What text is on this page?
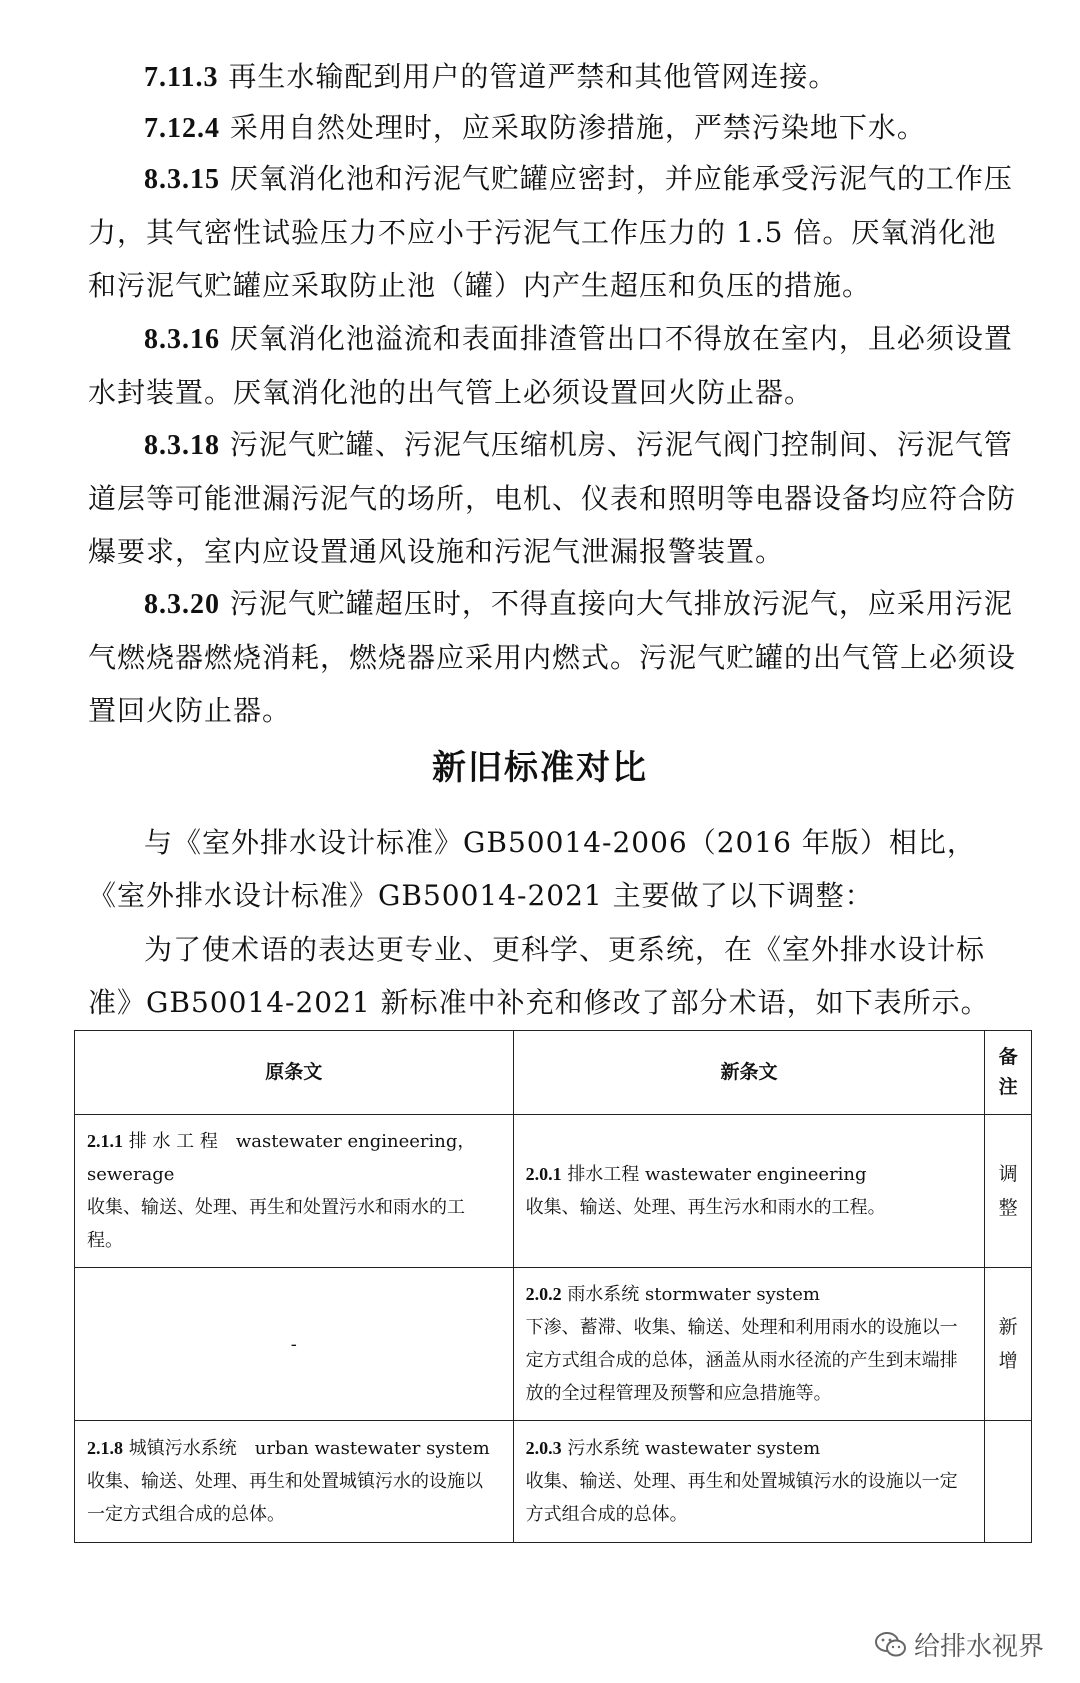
7.11.3 再生水输配到用户的管道严禁和其他管网连接。

7.12.4 采用自然处理时，应采取防渗措施，严禁污染地下水。

8.3.15 厌氧消化池和污泥气贮罐应密封，并应能承受污泥气的工作压力，其气密性试验压力不应小于污泥气工作压力的 1.5 倍。厌氧消化池和污泥气贮罐应采取防止池（罐）内产生超压和负压的措施。

8.3.16 厌氧消化池溢流和表面排渣管出口不得放在室内，且必须设置水封装置。厌氧消化池的出气管上必须设置回火防止器。

8.3.18 污泥气贮罐、污泥气压缩机房、污泥气阀门控制间、污泥气管道层等可能泄漏污泥气的场所，电机、仪表和照明等电器设备均应符合防爆要求，室内应设置通风设施和污泥气泄漏报警装置。

8.3.20 污泥气贮罐超压时，不得直接向大气排放污泥气，应采用污泥气燃烧器燃烧消耗，燃烧器应采用内燃式。污泥气贮罐的出气管上必须设置回火防止器。

新旧标准对比

与《室外排水设计标准》GB50014-2006（2016 年版）相比，《室外排水设计标准》GB50014-2021 主要做了以下调整：

为了使术语的表达更专业、更科学、更系统，在《室外排水设计标准》GB50014-2021 新标准中补充和修改了部分术语，如下表所示。

原条文	新条文	备注

2.1.1 排 水 工 程　wastewater engineering，sewerage
收集、输送、处理、再生和处置污水和雨水的工程。	2.0.1 排水工程 wastewater engineering
收集、输送、处理、再生污水和雨水的工程。	调整
-	2.0.2 雨水系统 stormwater system
下渗、蓄滞、收集、输送、处理和利用雨水的设施以一定方式组合成的总体，涵盖从雨水径流的产生到末端排放的全过程管理及预警和应急措施等。	新增

2.1.8 城镇污水系统　urban wastewater system
收集、输送、处理、再生和处置城镇污水的设施以一定方式组合成的总体。	2.0.3 污水系统 wastewater system
收集、输送、处理、再生和处置城镇污水的设施以一定方式组合成的总体。	
给排水视界
